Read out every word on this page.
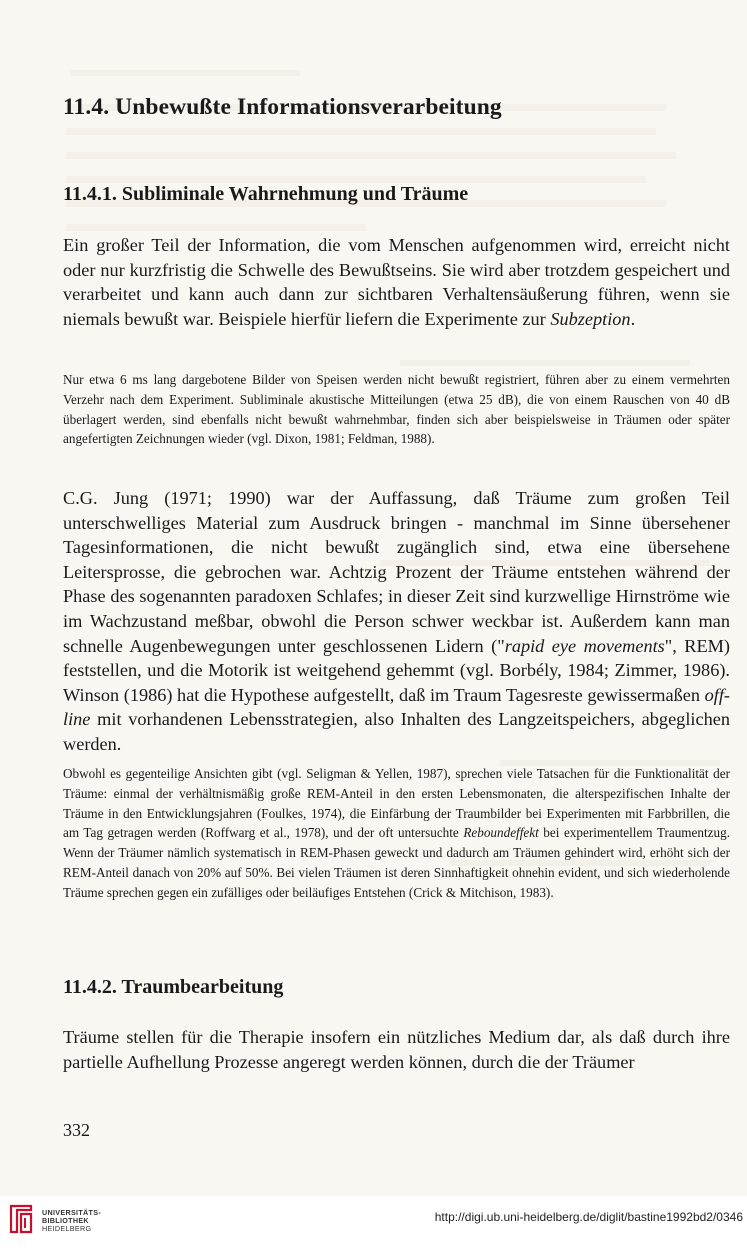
11.4. Unbewußte Informationsverarbeitung
11.4.1. Subliminale Wahrnehmung und Träume

Ein großer Teil der Information, die vom Menschen aufgenommen wird, erreicht nicht oder nur kurzfristig die Schwelle des Bewußtseins. Sie wird aber trotzdem gespeichert und verarbeitet und kann auch dann zur sichtbaren Verhaltensäußerung führen, wenn sie niemals bewußt war. Beispiele hierfür liefern die Experimente zur Subzeption.

Nur etwa 6 ms lang dargebotene Bilder von Speisen werden nicht bewußt registriert, führen aber zu einem vermehrten Verzehr nach dem Experiment. Subliminale akustische Mitteilungen (etwa 25 dB), die von einem Rauschen von 40 dB überlagert werden, sind ebenfalls nicht bewußt wahrnehmbar, finden sich aber beispielsweise in Träumen oder später angefertigten Zeichnungen wieder (vgl. Dixon, 1981; Feldman, 1988).

C.G. Jung (1971; 1990) war der Auffassung, daß Träume zum großen Teil unterschwelliges Material zum Ausdruck bringen - manchmal im Sinne übersehener Tagesinformationen, die nicht bewußt zugänglich sind, etwa eine übersehene Leitersprosse, die gebrochen war. Achtzig Prozent der Träume entstehen während der Phase des sogenannten paradoxen Schlafes; in dieser Zeit sind kurzwellige Hirnströme wie im Wachzustand meßbar, obwohl die Person schwer weckbar ist. Außerdem kann man schnelle Augenbewegungen unter geschlossenen Lidern ("rapid eye movements", REM) feststellen, und die Motorik ist weitgehend gehemmt (vgl. Borbély, 1984; Zimmer, 1986). Winson (1986) hat die Hypothese aufgestellt, daß im Traum Tagesreste gewissermaßen off-line mit vorhandenen Lebensstrategien, also Inhalten des Langzeitspeichers, abgeglichen werden.

Obwohl es gegenteilige Ansichten gibt (vgl. Seligman & Yellen, 1987), sprechen viele Tatsachen für die Funktionalität der Träume: einmal der verhältnismäßig große REM-Anteil in den ersten Lebensmonaten, die alterspezifischen Inhalte der Träume in den Entwicklungsjahren (Foulkes, 1974), die Einfärbung der Traumbilder bei Experimenten mit Farbbrillen, die am Tag getragen werden (Roffwarg et al., 1978), und der oft untersuchte Reboundeffekt bei experimentellem Traumentzug. Wenn der Träumer nämlich systematisch in REM-Phasen geweckt und dadurch am Träumen gehindert wird, erhöht sich der REM-Anteil danach von 20% auf 50%. Bei vielen Träumen ist deren Sinnhaftigkeit ohnehin evident, und sich wiederholende Träume sprechen gegen ein zufälliges oder beiläufiges Entstehen (Crick & Mitchison, 1983).

11.4.2. Traumbearbeitung

Träume stellen für die Therapie insofern ein nützliches Medium dar, als daß durch ihre partielle Aufhellung Prozesse angeregt werden können, durch die der Träumer

332
UNIVERSITÄTS-
BIBLIOTHEK
HEIDELBERG
http://digi.ub.uni-heidelberg.de/diglit/bastine1992bd2/0346
